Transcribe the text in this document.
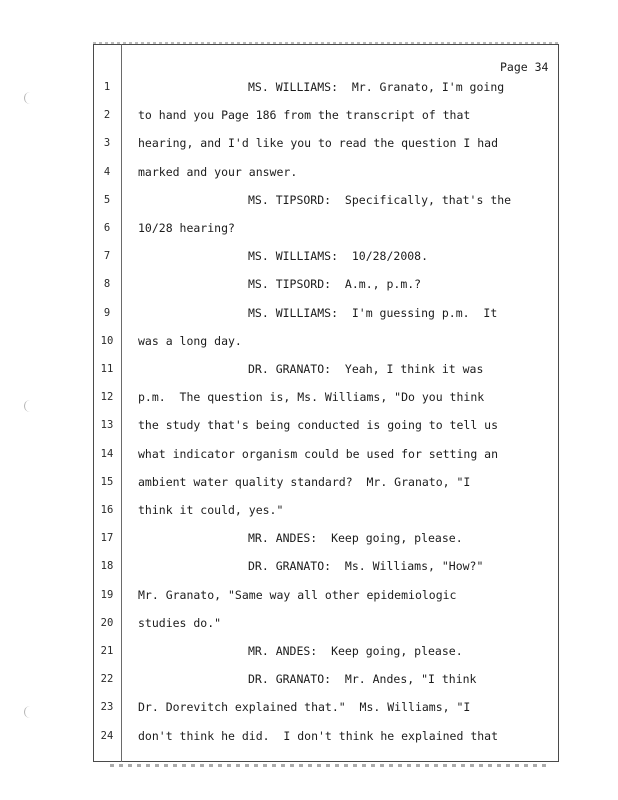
Page 34
1	MS. WILLIAMS:  Mr. Granato, I'm going
2	to hand you Page 186 from the transcript of that
3	hearing, and I'd like you to read the question I had
4	marked and your answer.
5	MS. TIPSORD:  Specifically, that's the
6	10/28 hearing?
7	MS. WILLIAMS:  10/28/2008.
8	MS. TIPSORD:  A.m., p.m.?
9	MS. WILLIAMS:  I'm guessing p.m.  It
10	was a long day.
11	DR. GRANATO:  Yeah, I think it was
12	p.m.  The question is, Ms. Williams, "Do you think
13	the study that's being conducted is going to tell us
14	what indicator organism could be used for setting an
15	ambient water quality standard?  Mr. Granato, "I
16	think it could, yes."
17	MR. ANDES:  Keep going, please.
18	DR. GRANATO:  Ms. Williams, "How?"
19	Mr. Granato, "Same way all other epidemiologic
20	studies do."
21	MR. ANDES:  Keep going, please.
22	DR. GRANATO:  Mr. Andes, "I think
23	Dr. Dorevitch explained that."  Ms. Williams, "I
24	don't think he did.  I don't think he explained that
